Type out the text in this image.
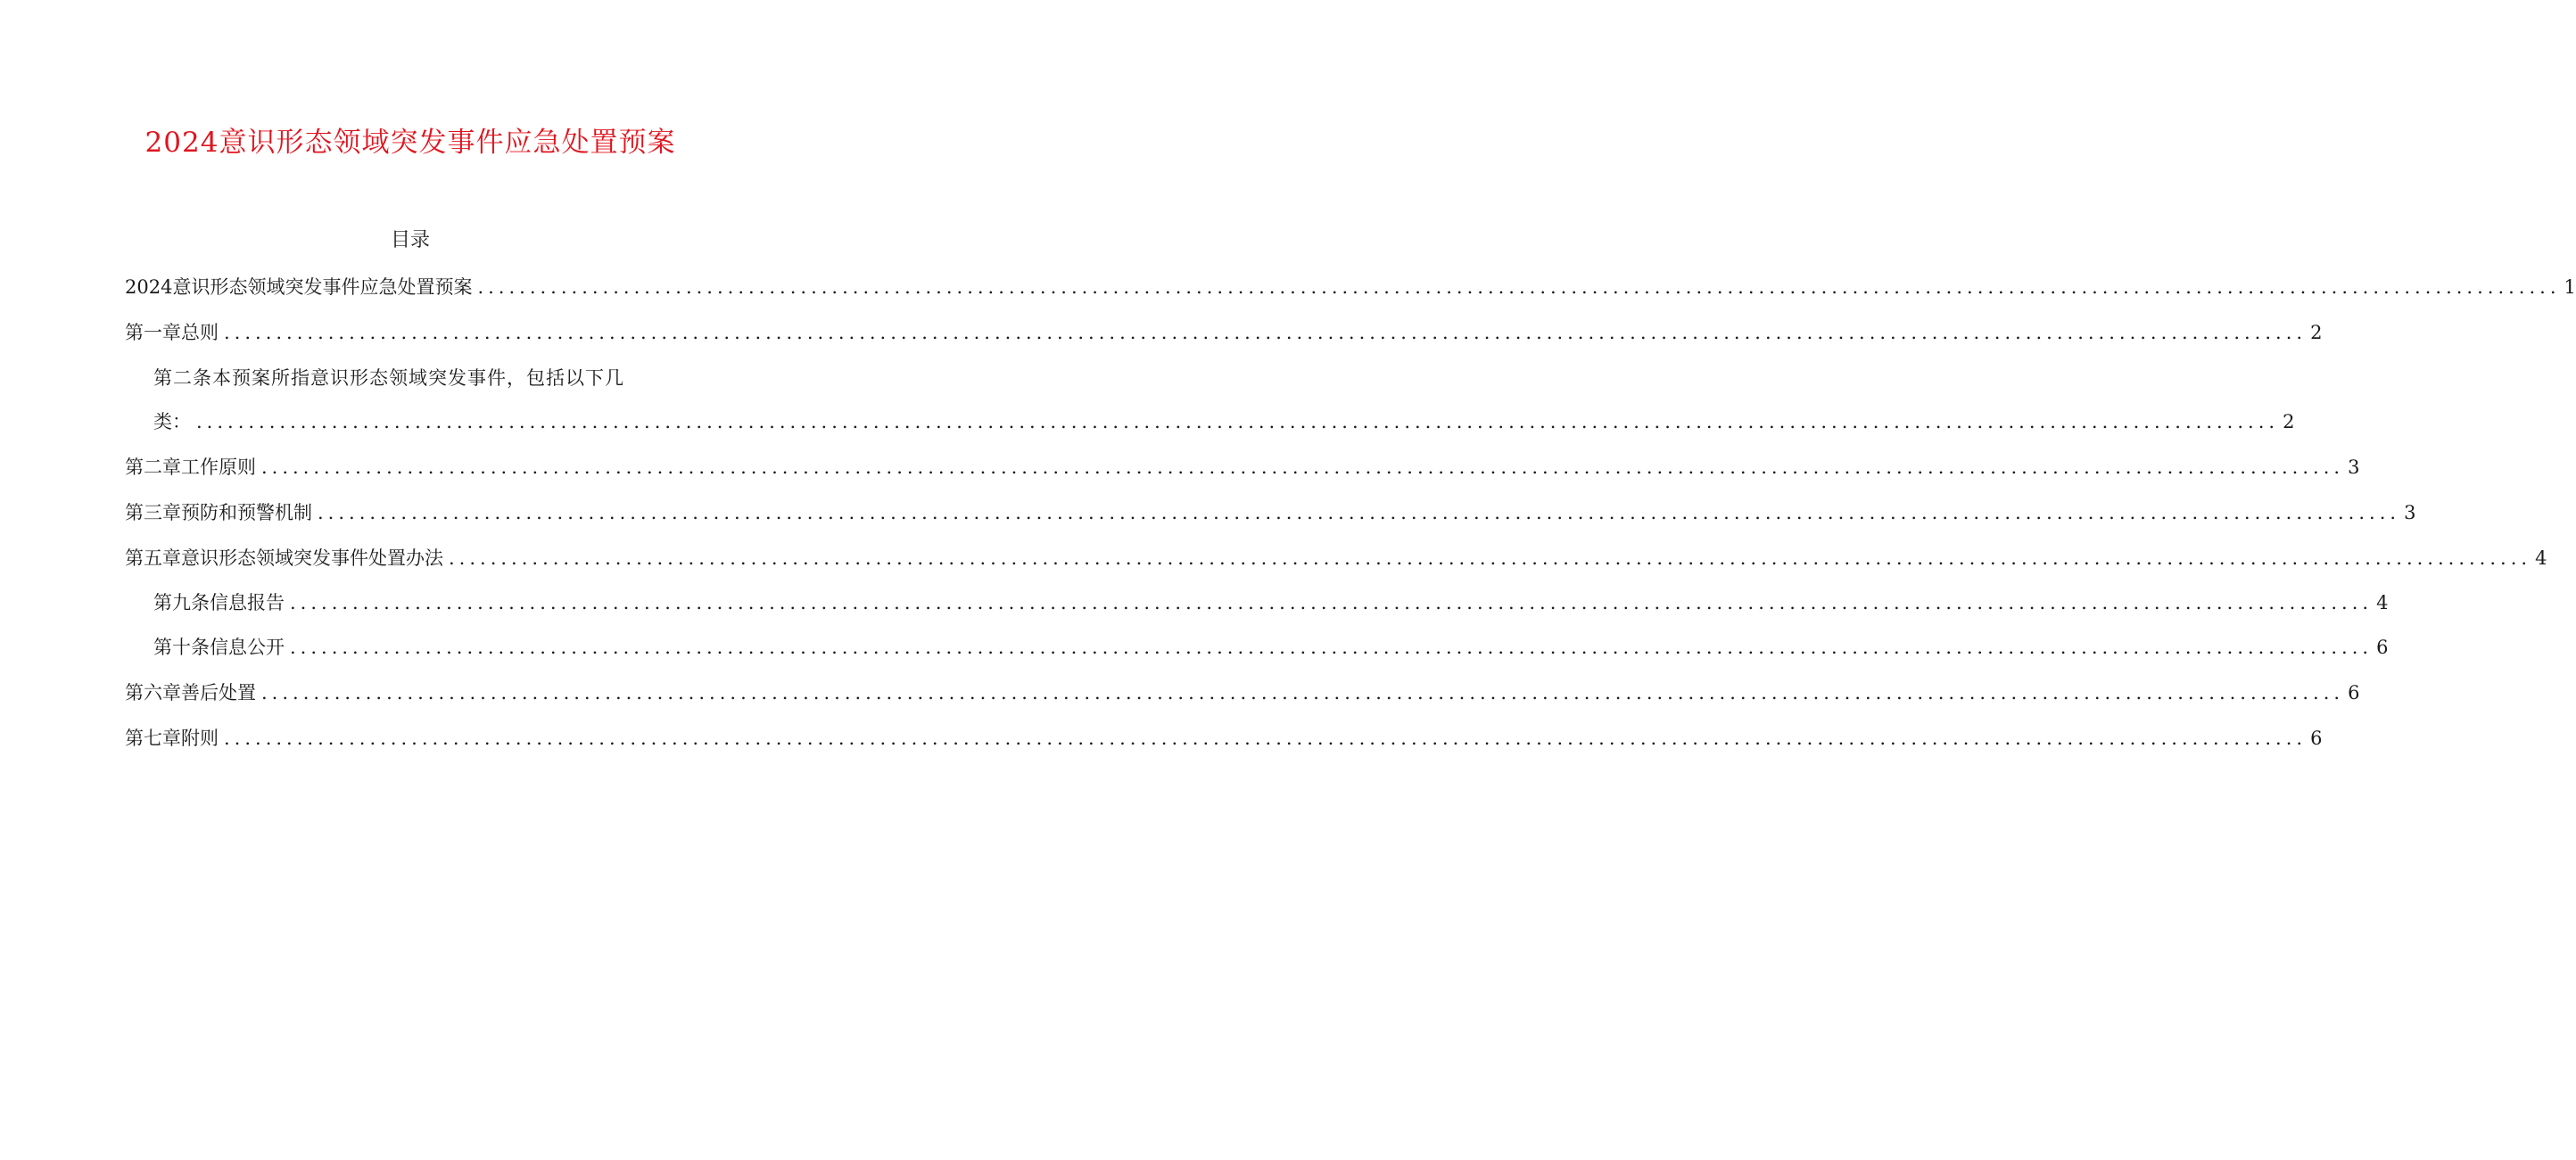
2024意识形态领域突发事件应急处置预案
目录
2024意识形态领域突发事件应急处置预案 ........................................................................................................................................................................................................ 1
第一章总则 ........................................................................................................................................................................................................ 2
第二条本预案所指意识形态领域突发事件，包括以下几
类： ........................................................................................................................................................................................................ 2
第二章工作原则 ........................................................................................................................................................................................................ 3
第三章预防和预警机制 ........................................................................................................................................................................................................ 3
第五章意识形态领域突发事件处置办法 ........................................................................................................................................................................................................ 4
第九条信息报告 ........................................................................................................................................................................................................ 4
第十条信息公开 ........................................................................................................................................................................................................ 6
第六章善后处置 ........................................................................................................................................................................................................ 6
第七章附则 ........................................................................................................................................................................................................ 6
